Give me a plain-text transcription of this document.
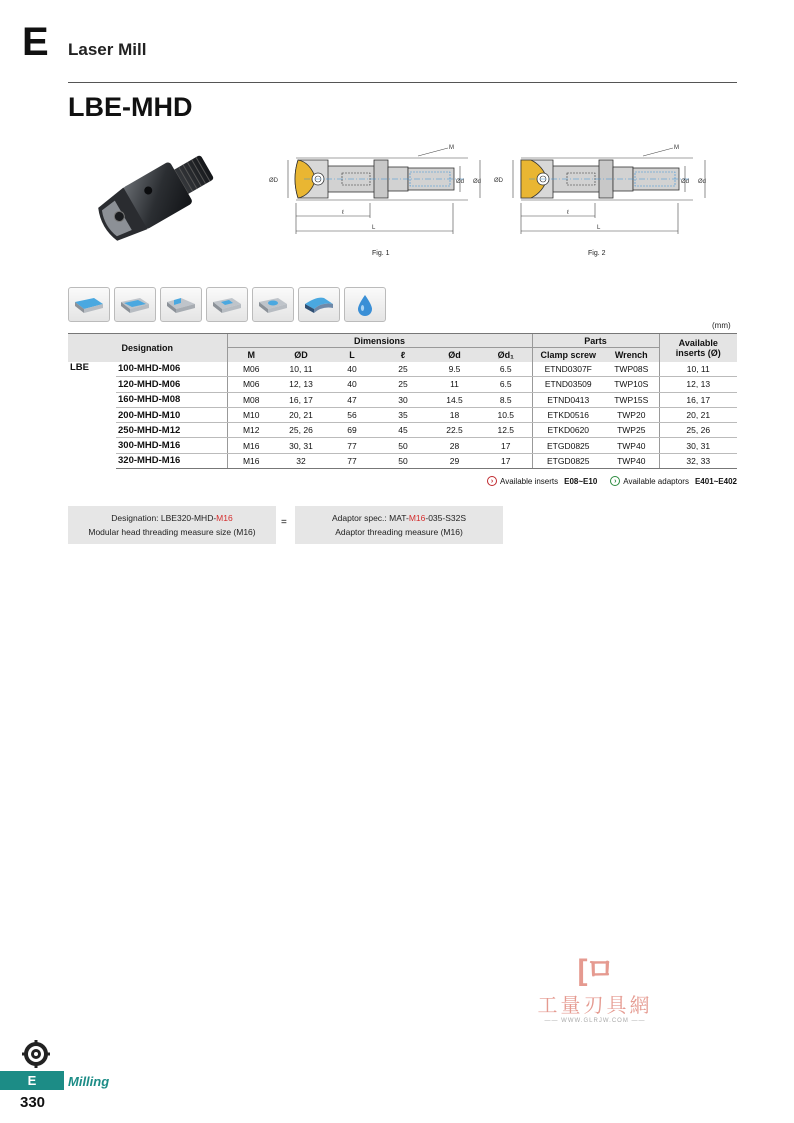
E Laser Mill
LBE-MHD
ØD
M
Ød Ød
ℓ
L
ØD
M
Ød Ød
ℓ
L
Fig. 1	Fig. 2
(mm)
Designation		Dimensions						Parts		Available
inserts (Ø)
		M	ØD	L	ℓ	Ød	Ød₁	Clamp screw	Wrench	
LBE	100-MHD-M06	M06	10, 11	40	25	9.5	6.5	ETND0307F	TWP08S	10, 11
	120-MHD-M06	M06	12, 13	40	25	11	6.5	ETND03509	TWP10S	12, 13
	160-MHD-M08	M08	16, 17	47	30	14.5	8.5	ETND0413	TWP15S	16, 17
	200-MHD-M10	M10	20, 21	56	35	18	10.5	ETKD0516	TWP20	20, 21
	250-MHD-M12	M12	25, 26	69	45	22.5	12.5	ETKD0620	TWP25	25, 26
	300-MHD-M16	M16	30, 31	77	50	28	17	ETGD0825	TWP40	30, 31
	320-MHD-M16	M16	32	77	50	29	17	ETGD0825	TWP40	32, 33
› Available inserts E08~E10	› Available adaptors E401~E402
Designation: LBE320-MHD-M16
Modular head threading measure size (M16)
=	Adaptor spec.: MAT-M16-035-S32S
Adaptor threading measure (M16)
[ㅁ
工量刃具網
—— WWW.GLRJW.COM ——
E	Milling
330
